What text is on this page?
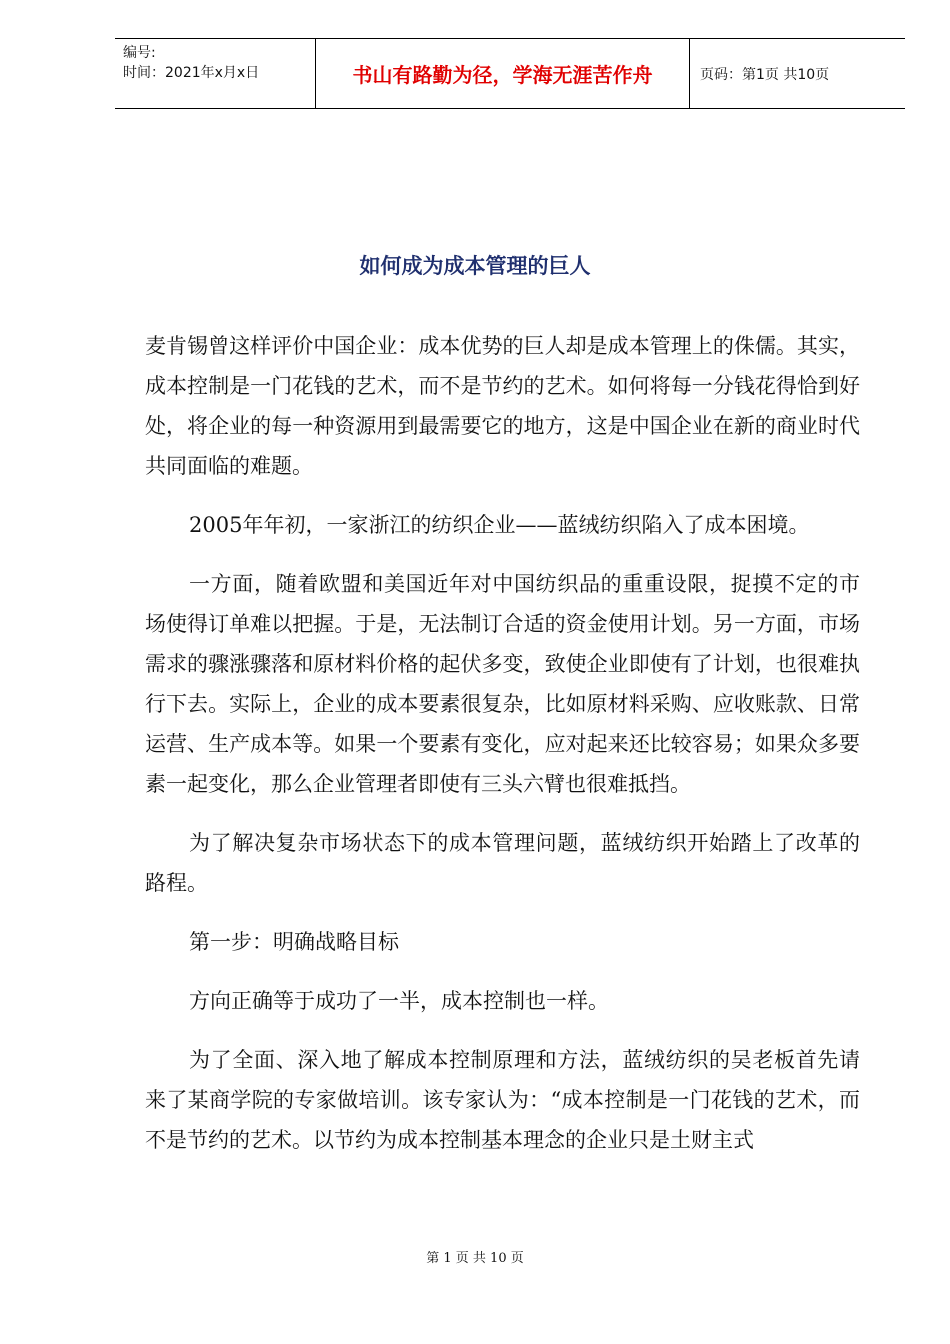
编号:
时间：2021年x月x日	书山有路勤为径，学海无涯苦作舟	页码：第1页 共10页
如何成为成本管理的巨人

麦肯锡曾这样评价中国企业：成本优势的巨人却是成本管理上的侏儒。其实，成本控制是一门花钱的艺术，而不是节约的艺术。如何将每一分钱花得恰到好处，将企业的每一种资源用到最需要它的地方，这是中国企业在新的商业时代共同面临的难题。

2005年年初，一家浙江的纺织企业——蓝绒纺织陷入了成本困境。

一方面，随着欧盟和美国近年对中国纺织品的重重设限，捉摸不定的市场使得订单难以把握。于是，无法制订合适的资金使用计划。另一方面，市场需求的骤涨骤落和原材料价格的起伏多变，致使企业即使有了计划，也很难执行下去。实际上，企业的成本要素很复杂，比如原材料采购、应收账款、日常运营、生产成本等。如果一个要素有变化，应对起来还比较容易；如果众多要素一起变化，那么企业管理者即使有三头六臂也很难抵挡。

为了解决复杂市场状态下的成本管理问题，蓝绒纺织开始踏上了改革的路程。

第一步：明确战略目标

方向正确等于成功了一半，成本控制也一样。

为了全面、深入地了解成本控制原理和方法，蓝绒纺织的吴老板首先请来了某商学院的专家做培训。该专家认为：“成本控制是一门花钱的艺术，而不是节约的艺术。以节约为成本控制基本理念的企业只是土财主式

第 1 页 共 10 页
